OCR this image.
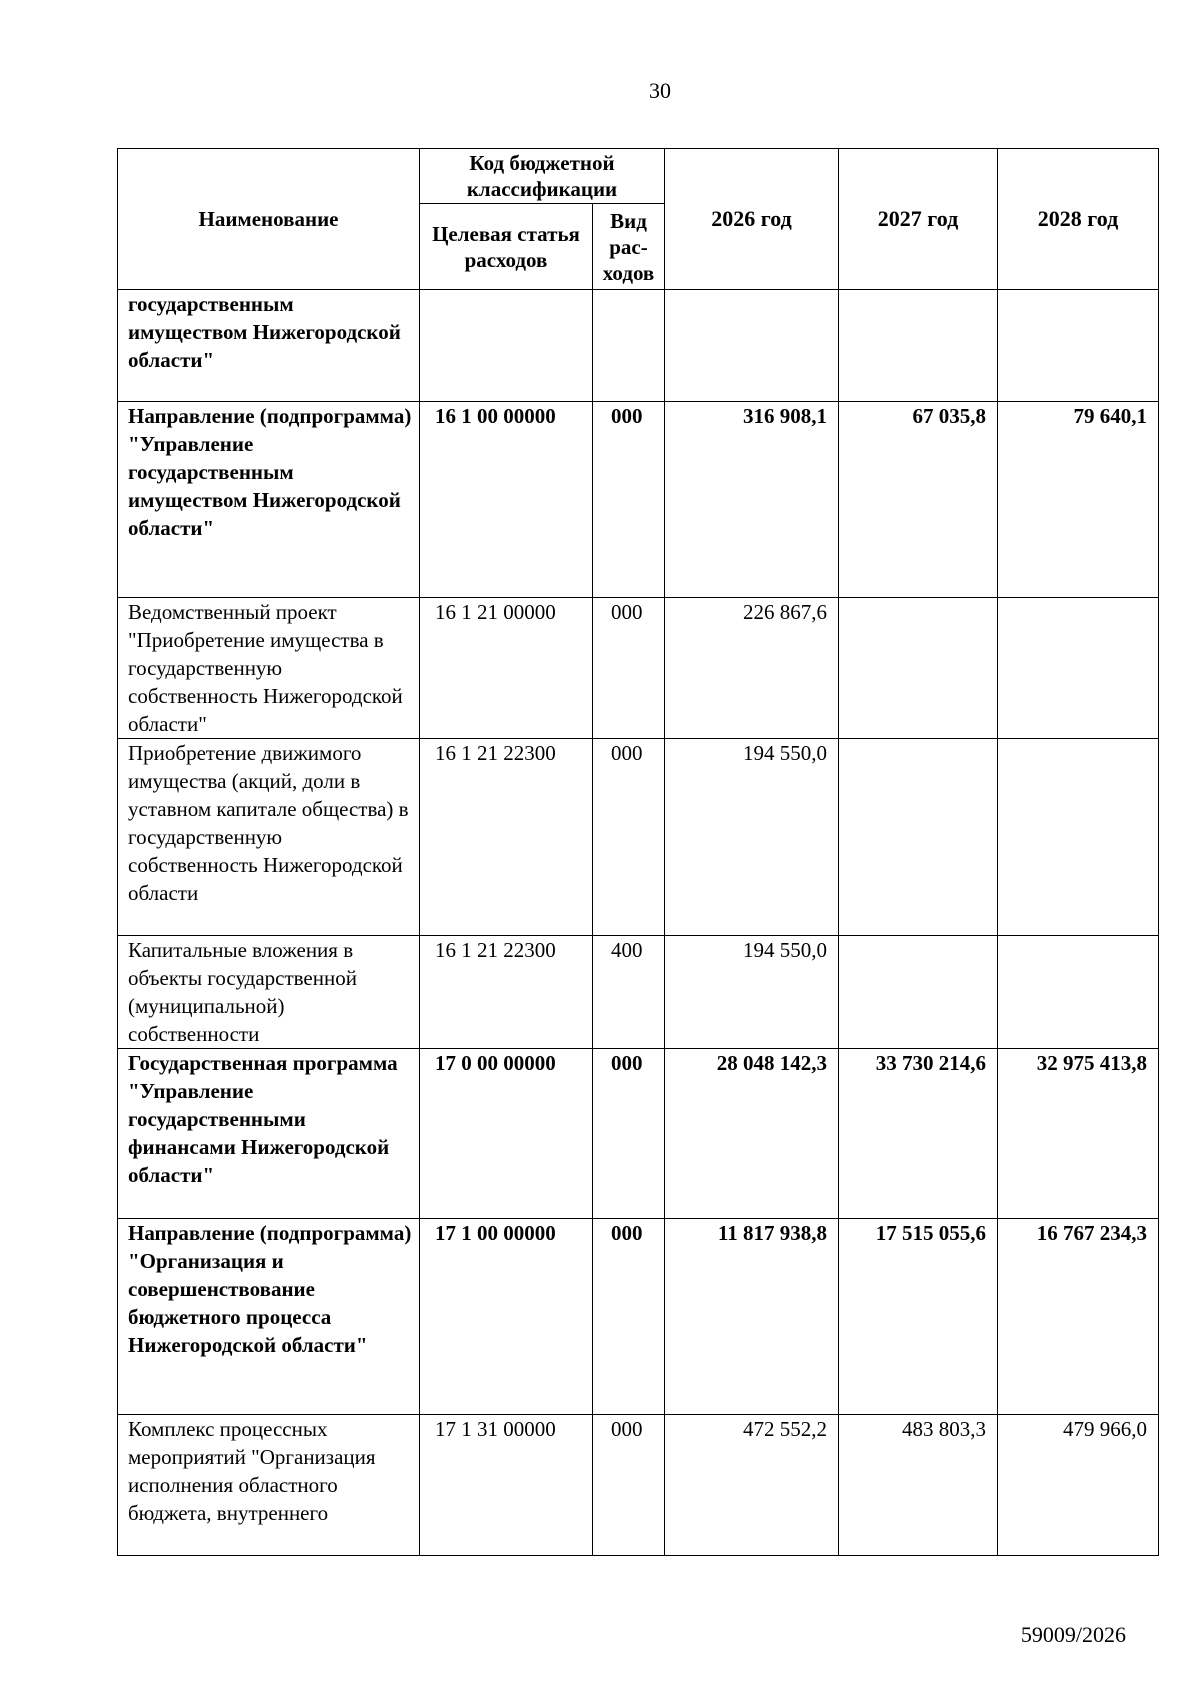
30
Наименование	Код бюджетной классификации		2026 год	2027 год	2028 год
	Целевая статья расходов	Вид рас-ходов			
государственным имуществом Нижегородской области"					
Направление (подпрограмма) "Управление государственным имуществом Нижегородской области"	16 1 00 00000	000	316 908,1	67 035,8	79 640,1
Ведомственный проект "Приобретение имущества в государственную собственность Нижегородской области"	16 1 21 00000	000	226 867,6		
Приобретение движимого имущества (акций, доли в уставном капитале общества) в государственную собственность Нижегородской области	16 1 21 22300	000	194 550,0		
Капитальные вложения в объекты государственной (муниципальной) собственности	16 1 21 22300	400	194 550,0		
Государственная программа "Управление государственными финансами Нижегородской области"	17 0 00 00000	000	28 048 142,3	33 730 214,6	32 975 413,8
Направление (подпрограмма) "Организация и совершенствование бюджетного процесса Нижегородской области"	17 1 00 00000	000	11 817 938,8	17 515 055,6	16 767 234,3
Комплекс процессных мероприятий "Организация исполнения областного бюджета, внутреннего	17 1 31 00000	000	472 552,2	483 803,3	479 966,0
59009/2026
